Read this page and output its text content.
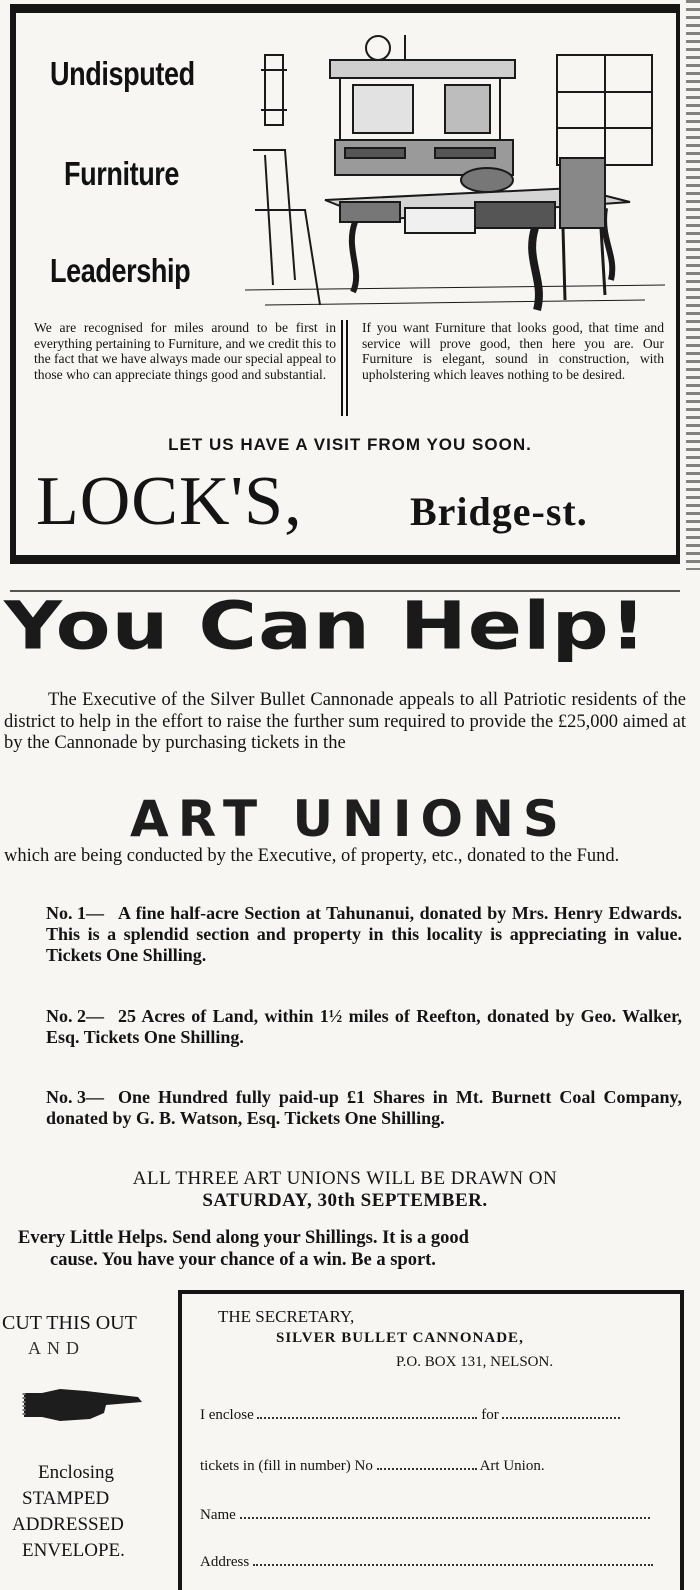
Undisputed
Furniture
Leadership
We are recognised for miles around to be first in everything pertaining to Furniture, and we credit this to the fact that we have always made our special appeal to those who can appreciate things good and substantial.
If you want Furniture that looks good, that time and service will prove good, then here you are. Our Furniture is elegant, sound in construction, with upholstering which leaves nothing to be desired.
LET US HAVE A VISIT FROM YOU SOON.
LOCK'S,	Bridge-st.
You Can Help!
The Executive of the Silver Bullet Cannonade appeals to all Patriotic residents of the district to help in the effort to raise the further sum required to provide the £25,000 aimed at by the Cannonade by purchasing tickets in the
ART UNIONS
which are being conducted by the Executive, of property, etc., donated to the Fund.
No. 1— A fine half-acre Section at Tahunanui, donated by Mrs. Henry Edwards. This is a splendid section and property in this locality is appreciating in value. Tickets One Shilling.
No. 2— 25 Acres of Land, within 1½ miles of Reefton, donated by Geo. Walker, Esq. Tickets One Shilling.
No. 3— One Hundred fully paid-up £1 Shares in Mt. Burnett Coal Company, donated by G. B. Watson, Esq. Tickets One Shilling.
ALL THREE ART UNIONS WILL BE DRAWN ON
SATURDAY, 30th SEPTEMBER.
Every Little Helps. Send along your Shillings. It is a good
cause. You have your chance of a win. Be a sport.
CUT THIS OUT
AND
Enclosing
STAMPED
ADDRESSED
ENVELOPE.
THE SECRETARY,
SILVER BULLET CANNONADE,
P.O. BOX 131, NELSON.
I enclose	for
tickets in (fill in number) No	Art Union.
Name
Address
